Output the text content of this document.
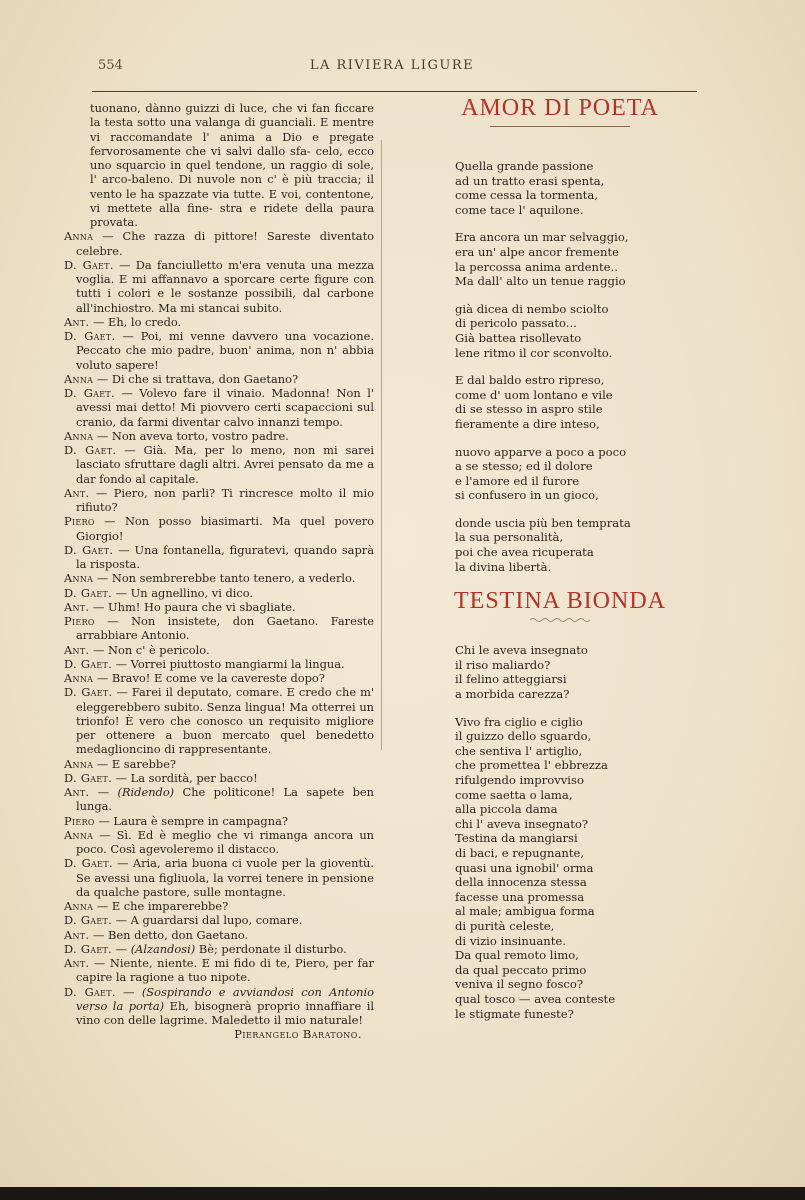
554	LA RIVIERA LIGURE

tuonano, dànno guizzi di luce, che vi fan ficcare la testa sotto una valanga di guanciali. E mentre vi raccomandate l' anima a Dio e pregate fervorosamente che vi salvi dallo sfa- celo, ecco uno squarcio in quel tendone, un raggio di sole, l' arco-baleno. Di nuvole non c' è più traccia; il vento le ha spazzate via tutte. E voi, contentone, vi mettete alla fine- stra e ridete della paura provata.

Anna — Che razza di pittore! Sareste diventato celebre.

D. Gaet. — Da fanciulletto m'era venuta una mezza voglia. E mi affannavo a sporcare certe figure con tutti i colori e le sostanze possibili, dal carbone all'inchiostro. Ma mi stancai subito.

Ant. — Eh, lo credo.

D. Gaet. — Poi, mi venne davvero una vocazione. Peccato che mio padre, buon' anima, non n' abbia voluto sapere!

Anna — Di che si trattava, don Gaetano?

D. Gaet. — Volevo fare il vinaio. Madonna! Non l' avessi mai detto! Mi piovvero certi scapaccioni sul cranio, da farmi diventar calvo innanzi tempo.

Anna — Non aveva torto, vostro padre.

D. Gaet. — Già. Ma, per lo meno, non mi sarei lasciato sfruttare dagli altri. Avrei pensato da me a dar fondo al capitale.

Ant. — Piero, non parli? Ti rincresce molto il mio rifiuto?

Piero — Non posso biasimarti. Ma quel povero Giorgio!

D. Gaet. — Una fontanella, figuratevi, quando saprà la risposta.

Anna — Non sembrerebbe tanto tenero, a vederlo.

D. Gaet. — Un agnellino, vi dico.

Ant. — Uhm! Ho paura che vi sbagliate.

Piero — Non insistete, don Gaetano. Fareste arrabbiare Antonio.

Ant. — Non c' è pericolo.

D. Gaet. — Vorrei piuttosto mangiarmi la lingua.

Anna — Bravo! E come ve la cavereste dopo?

D. Gaet. — Farei il deputato, comare. E credo che m' eleggerebbero subito. Senza lingua! Ma otterrei un trionfo! È vero che conosco un requisito migliore per ottenere a buon mercato quel benedetto medaglioncino di rappresentante.

Anna — E sarebbe?

D. Gaet. — La sordità, per bacco!

Ant. — (Ridendo) Che politicone! La sapete ben lunga.

Piero — Laura è sempre in campagna?

Anna — Sì. Ed è meglio che vi rimanga ancora un poco. Così agevoleremo il distacco.

D. Gaet. — Aria, aria buona ci vuole per la gioventù. Se avessi una figliuola, la vorrei tenere in pensione da qualche pastore, sulle montagne.

Anna — E che imparerebbe?

D. Gaet. — A guardarsi dal lupo, comare.

Ant. — Ben detto, don Gaetano.

D. Gaet. — (Alzandosi) Bè; perdonate il disturbo.

Ant. — Niente, niente. E mi fido di te, Piero, per far capire la ragione a tuo nipote.

D. Gaet. — (Sospirando e avviandosi con Antonio verso la porta) Eh, bisognerà proprio innaffiare il vino con delle lagrime. Maledetto il mio naturale!

Pierangelo Baratono.

AMOR DI POETA
Quella grande passione
ad un tratto erasi spenta,
come cessa la tormenta,
come tace l' aquilone.
Era ancora un mar selvaggio,
era un' alpe ancor fremente
la percossa anima ardente..
Ma dall' alto un tenue raggio
già dicea di nembo sciolto
di pericolo passato...
Già battea risollevato
lene ritmo il cor sconvolto.
E dal baldo estro ripreso,
come d' uom lontano e vile
di se stesso in aspro stile
fieramente a dire inteso,
nuovo apparve a poco a poco
a se stesso; ed il dolore
e l'amore ed il furore
si confusero in un gioco,
donde uscia più ben temprata
la sua personalità,
poi che avea ricuperata
la divina libertà.
TESTINA BIONDA
Chi le aveva insegnato
il riso maliardo?
il felino atteggiarsi
a morbida carezza?
Vivo fra ciglio e ciglio
il guizzo dello sguardo,
che sentiva l' artiglio,
che promettea l' ebbrezza
rifulgendo improvviso
come saetta o lama,
alla piccola dama
chi l' aveva insegnato?
Testina da mangiarsi
di baci, e repugnante,
quasi una ignobil' orma
della innocenza stessa
facesse una promessa
al male; ambigua forma
di purità celeste,
di vizio insinuante.
Da qual remoto limo,
da qual peccato primo
veniva il segno fosco?
qual tosco — avea conteste
le stigmate funeste?
